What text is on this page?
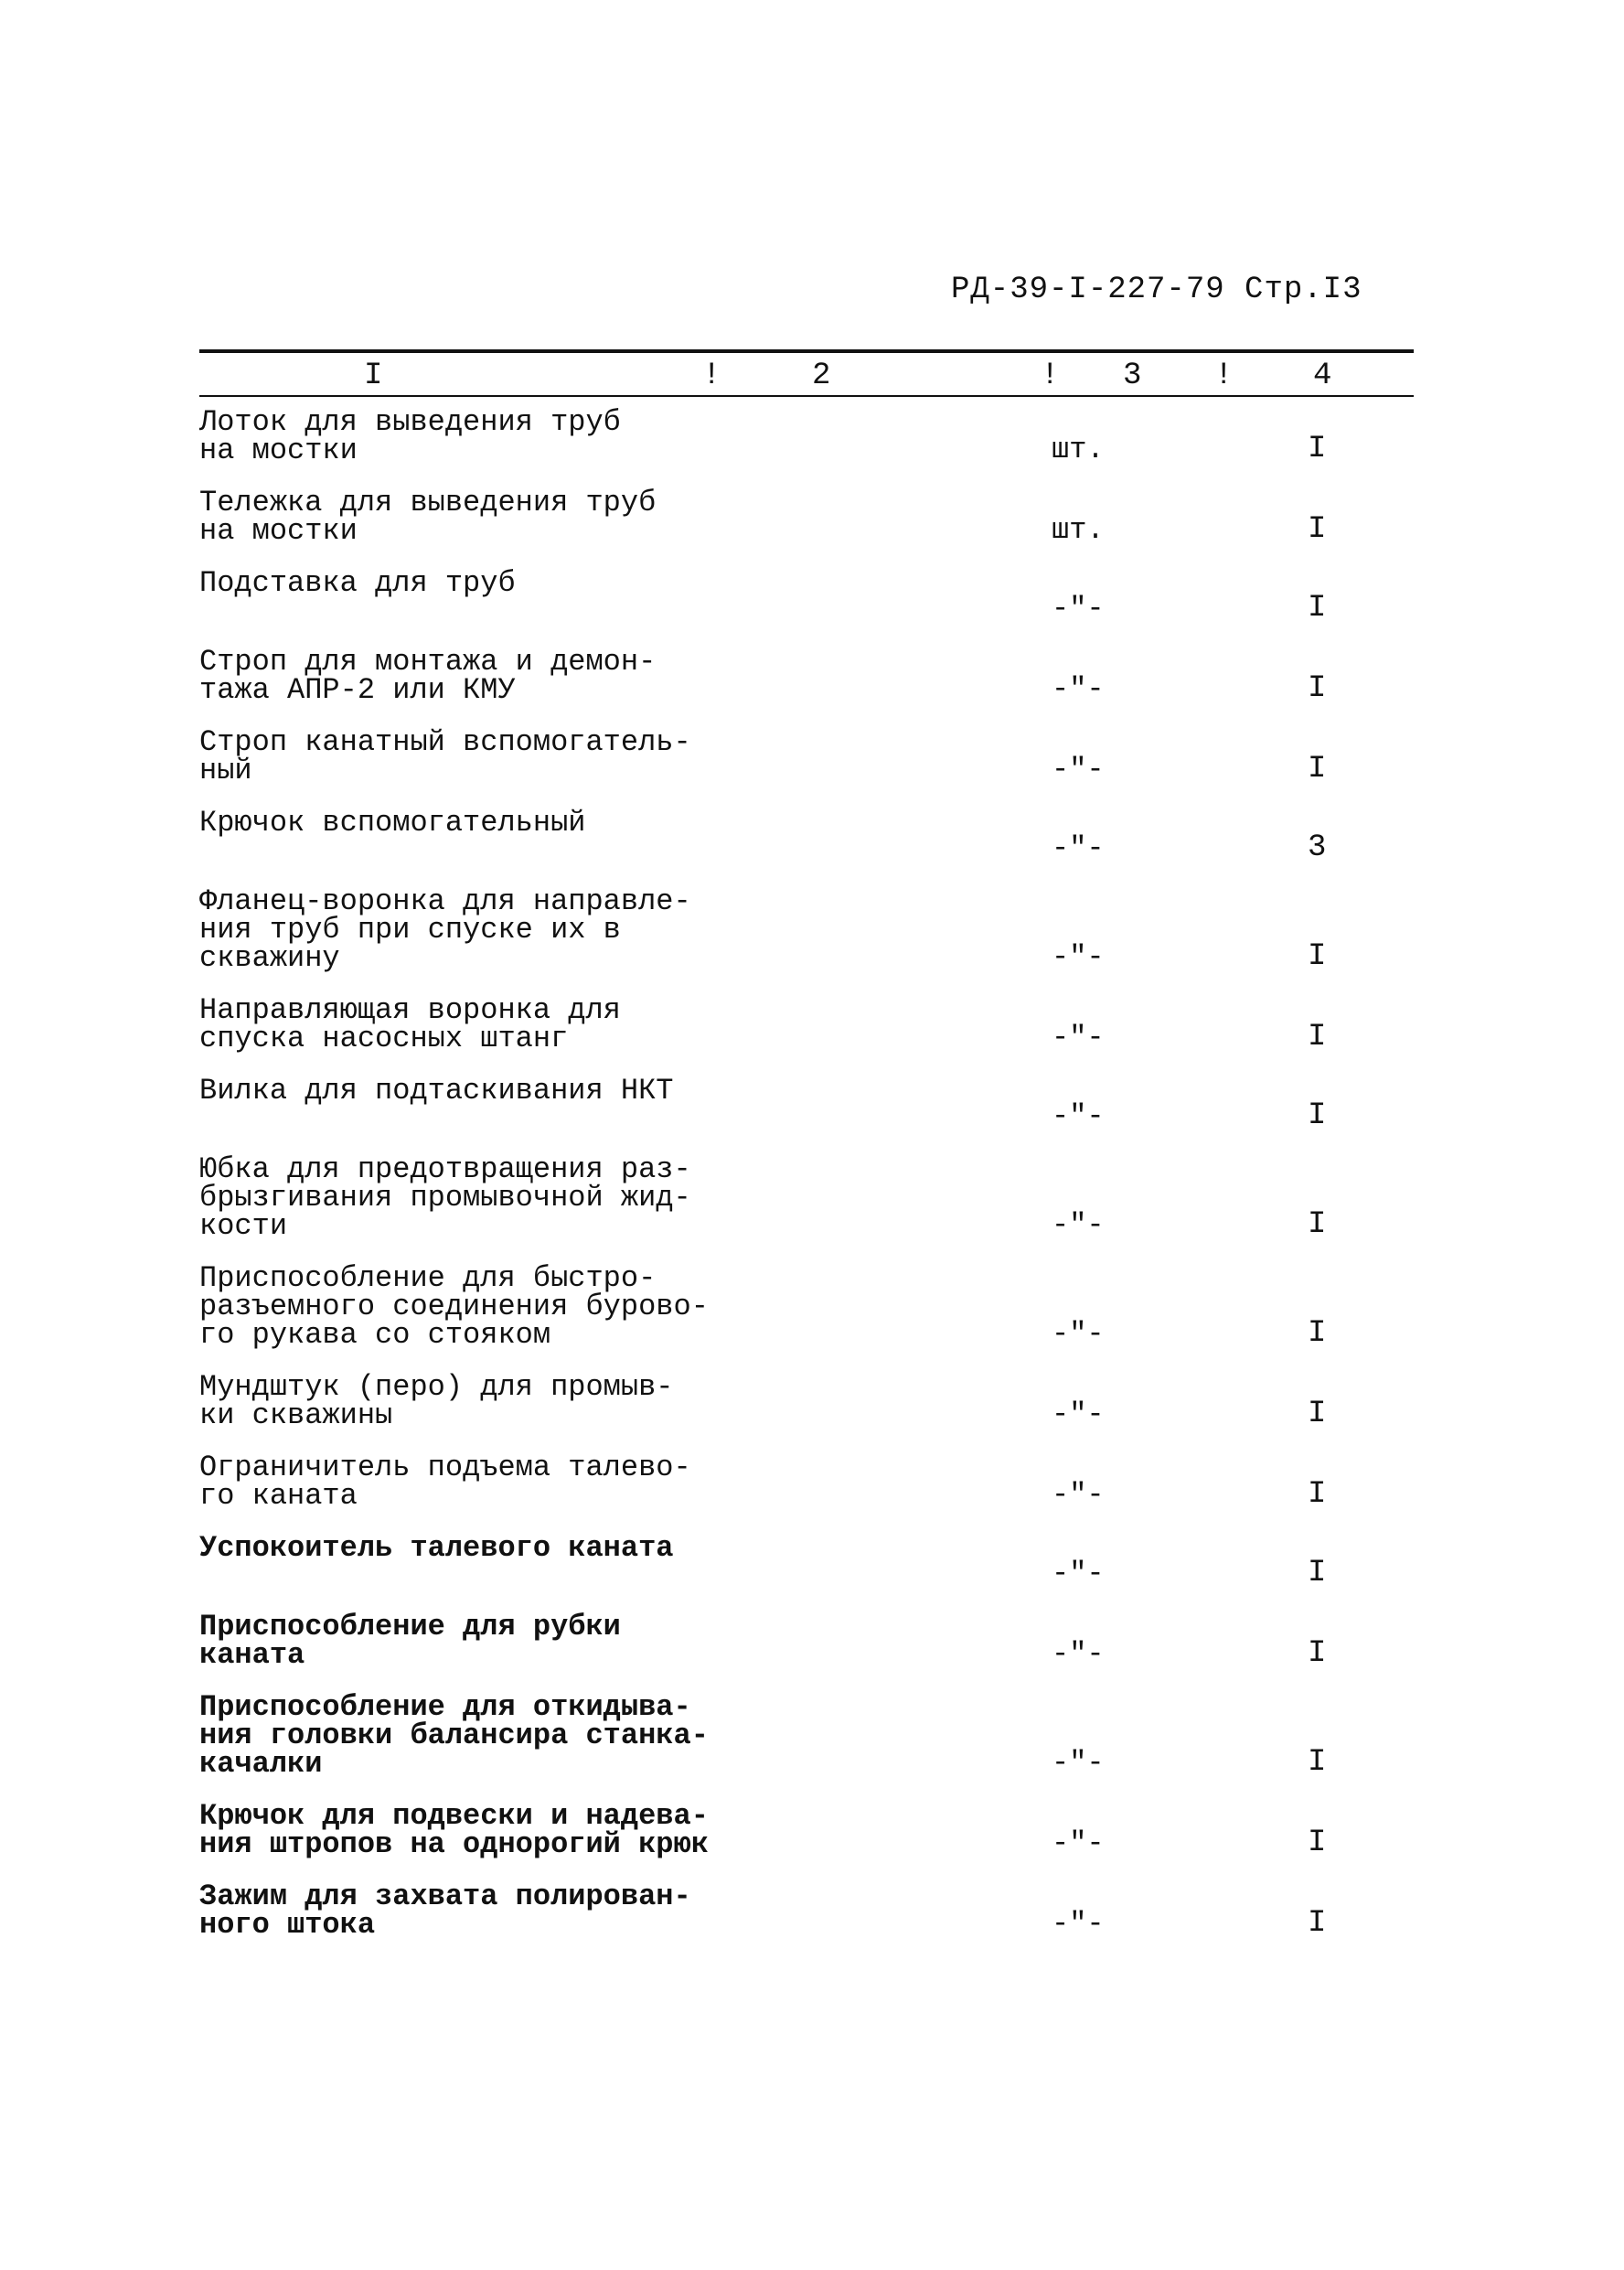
РД-39-I-227-79 Стр.I3
I	!	2	! 3 !	4
Лоток для выведения труб
на мостки	шт.	I
Тележка для выведения труб
на мостки	шт.	I
Подставка для труб
-"-	I
Строп для монтажа и демон-
тажа АПР-2 или КМУ	-"-	I
Строп канатный вспомогатель-
ный	-"-	I
Крючок вспомогательный
-"-	3
Фланец-воронка для направле-
ния труб при спуске их в
скважину	-"-	I
Направляющая воронка для
спуска насосных штанг	-"-	I
Вилка для подтаскивания НКТ
-"-	I
Юбка для предотвращения раз-
брызгивания промывочной жид-
кости	-"-	I
Приспособление для быстро-
разъемного соединения бурово-
го рукава со стояком	-"-	I
Мундштук (перо) для промыв-
ки скважины	-"-	I
Ограничитель подъема талево-
го каната	-"-	I
Успокоитель талевого каната
-"-	I
Приспособление для рубки
каната	-"-	I
Приспособление для откидыва-
ния головки балансира станка-
качалки	-"-	I
Крючок для подвески и надева-
ния штропов на однорогий крюк	-"-	I
Зажим для захвата полирован-
ного штока	-"-	I
